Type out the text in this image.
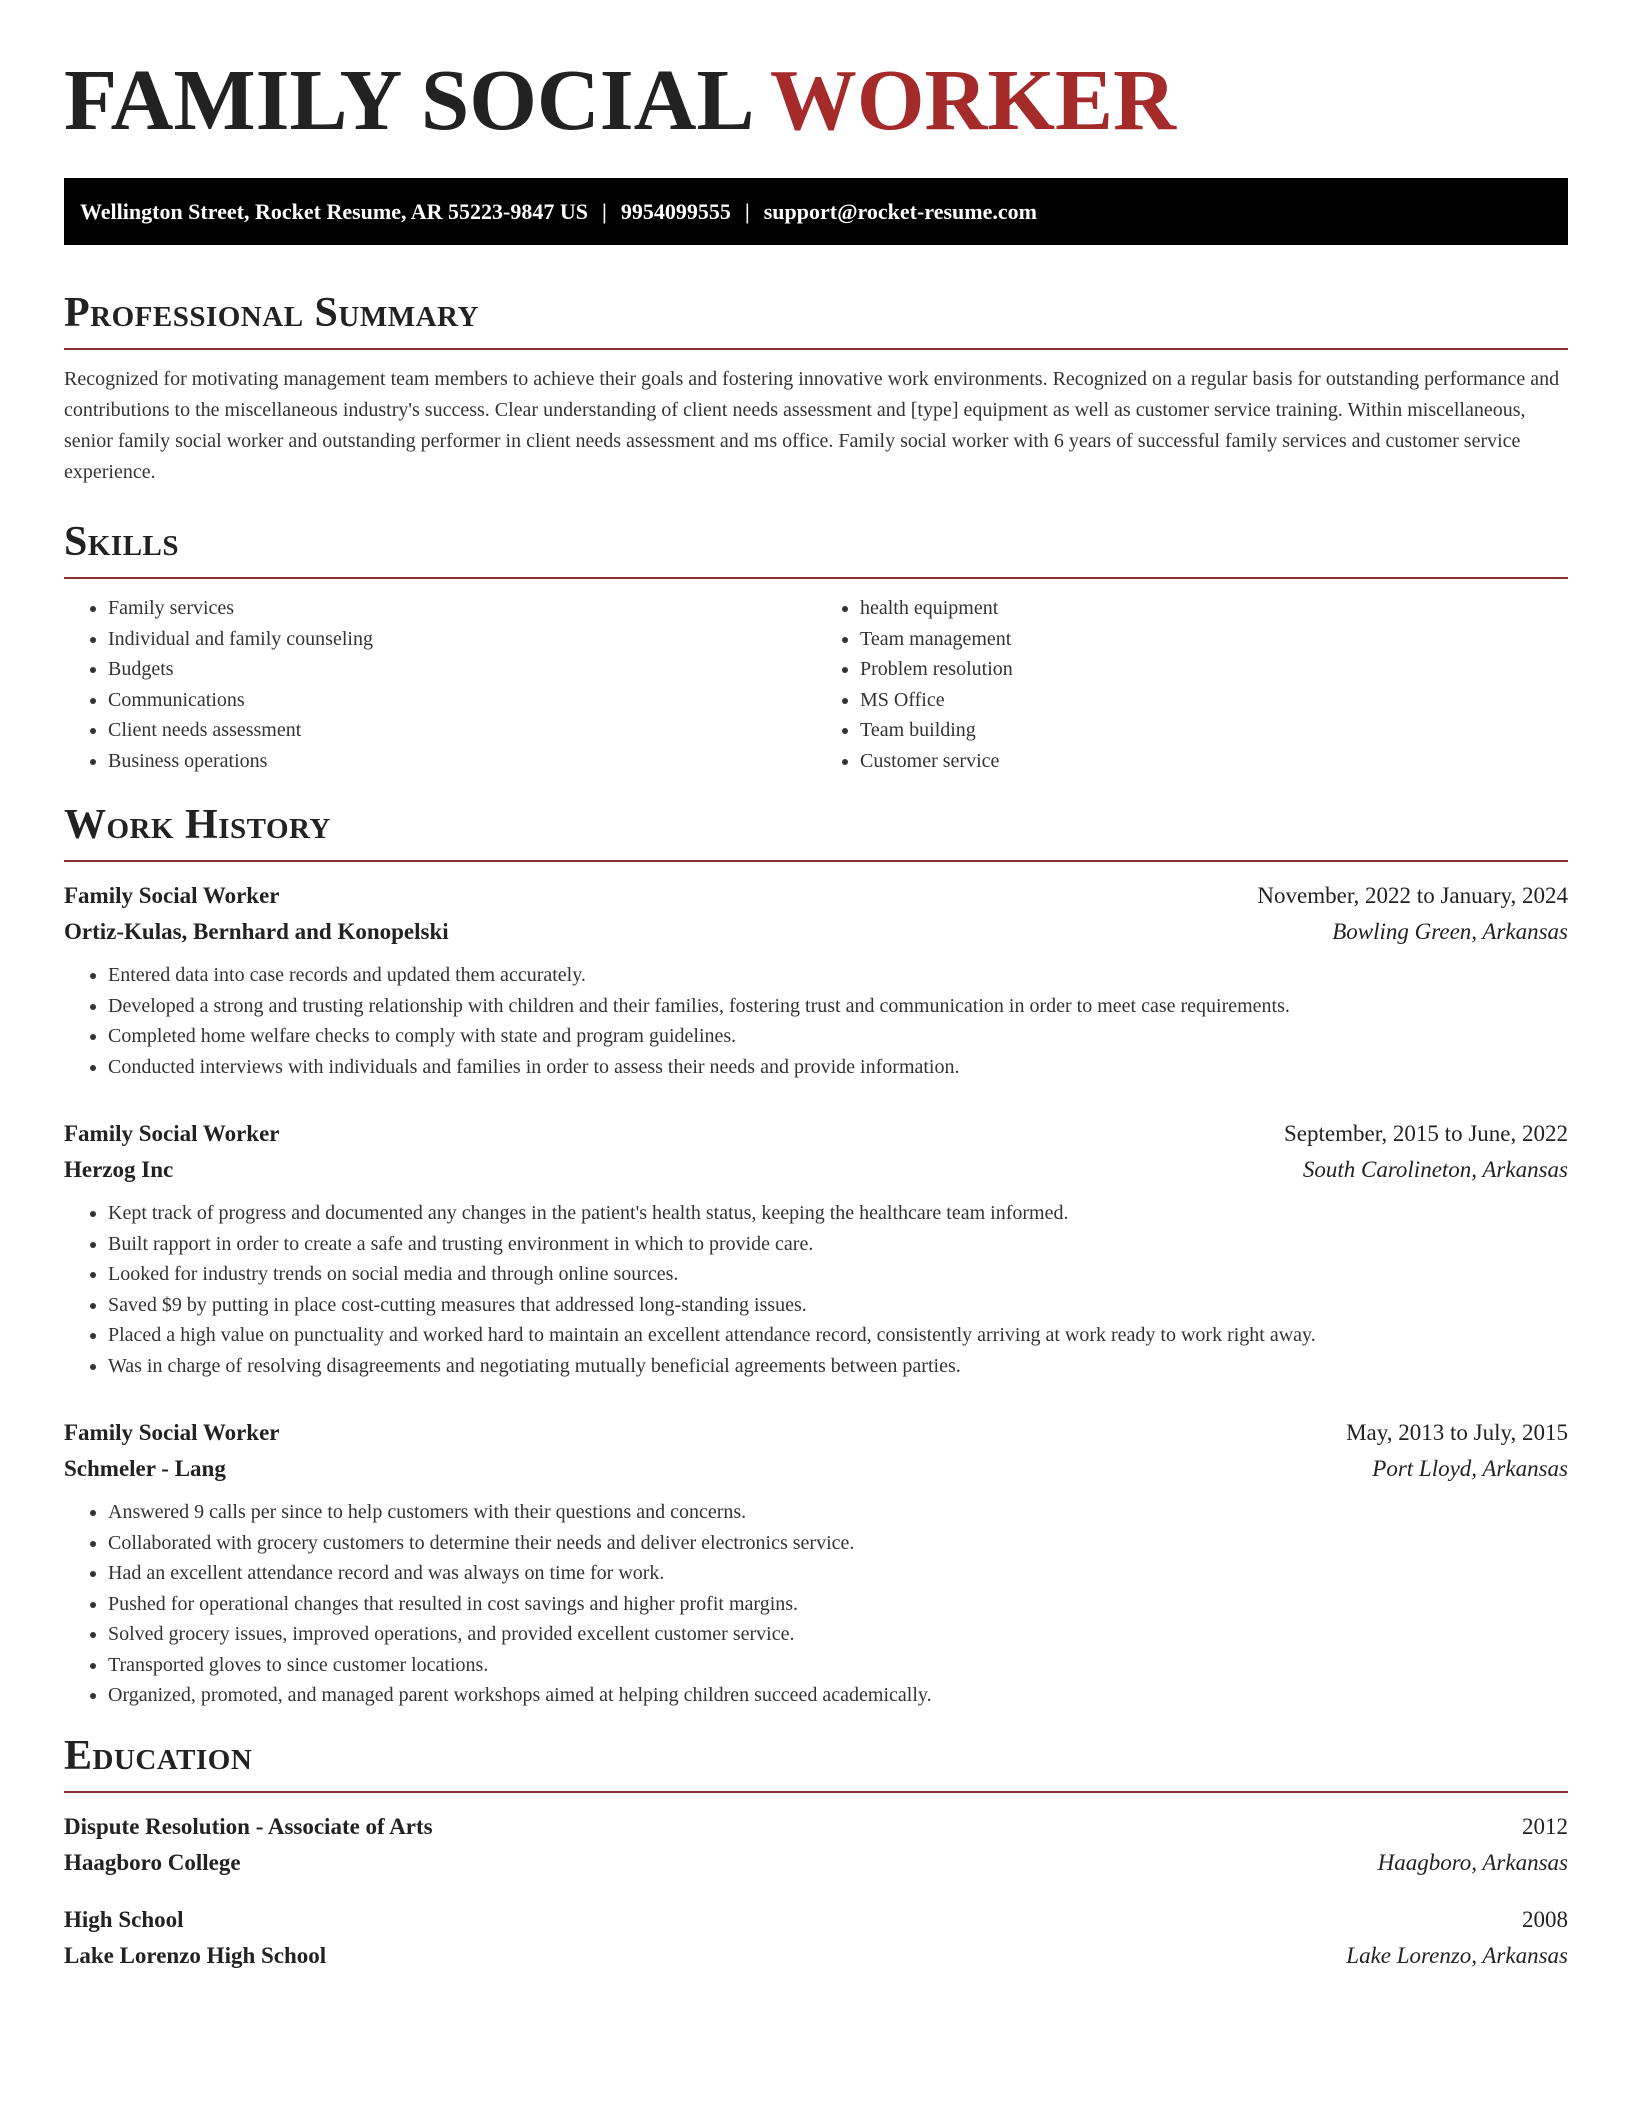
FAMILY SOCIAL WORKER
Wellington Street, Rocket Resume, AR 55223-9847 US | 9954099555 | support@rocket-resume.com
Professional Summary

Recognized for motivating management team members to achieve their goals and fostering innovative work environments. Recognized on a regular basis for outstanding performance and contributions to the miscellaneous industry's success. Clear understanding of client needs assessment and [type] equipment as well as customer service training. Within miscellaneous, senior family social worker and outstanding performer in client needs assessment and ms office. Family social worker with 6 years of successful family services and customer service experience.

Skills
• Family services
• Individual and family counseling
• Budgets
• Communications
• Client needs assessment
• Business operations
• health equipment
• Team management
• Problem resolution
• MS Office
• Team building
• Customer service
Work History
Family Social Worker	November, 2022 to January, 2024
Ortiz-Kulas, Bernhard and Konopelski	Bowling Green, Arkansas
• Entered data into case records and updated them accurately.
• Developed a strong and trusting relationship with children and their families, fostering trust and communication in order to meet case requirements.
• Completed home welfare checks to comply with state and program guidelines.
• Conducted interviews with individuals and families in order to assess their needs and provide information.
Family Social Worker	September, 2015 to June, 2022
Herzog Inc	South Carolineton, Arkansas
• Kept track of progress and documented any changes in the patient's health status, keeping the healthcare team informed.
• Built rapport in order to create a safe and trusting environment in which to provide care.
• Looked for industry trends on social media and through online sources.
• Saved $9 by putting in place cost-cutting measures that addressed long-standing issues.
• Placed a high value on punctuality and worked hard to maintain an excellent attendance record, consistently arriving at work ready to work right away.
• Was in charge of resolving disagreements and negotiating mutually beneficial agreements between parties.
Family Social Worker	May, 2013 to July, 2015
Schmeler - Lang	Port Lloyd, Arkansas
• Answered 9 calls per since to help customers with their questions and concerns.
• Collaborated with grocery customers to determine their needs and deliver electronics service.
• Had an excellent attendance record and was always on time for work.
• Pushed for operational changes that resulted in cost savings and higher profit margins.
• Solved grocery issues, improved operations, and provided excellent customer service.
• Transported gloves to since customer locations.
• Organized, promoted, and managed parent workshops aimed at helping children succeed academically.
Education
Dispute Resolution - Associate of Arts	2012
Haagboro College	Haagboro, Arkansas
High School	2008
Lake Lorenzo High School	Lake Lorenzo, Arkansas
